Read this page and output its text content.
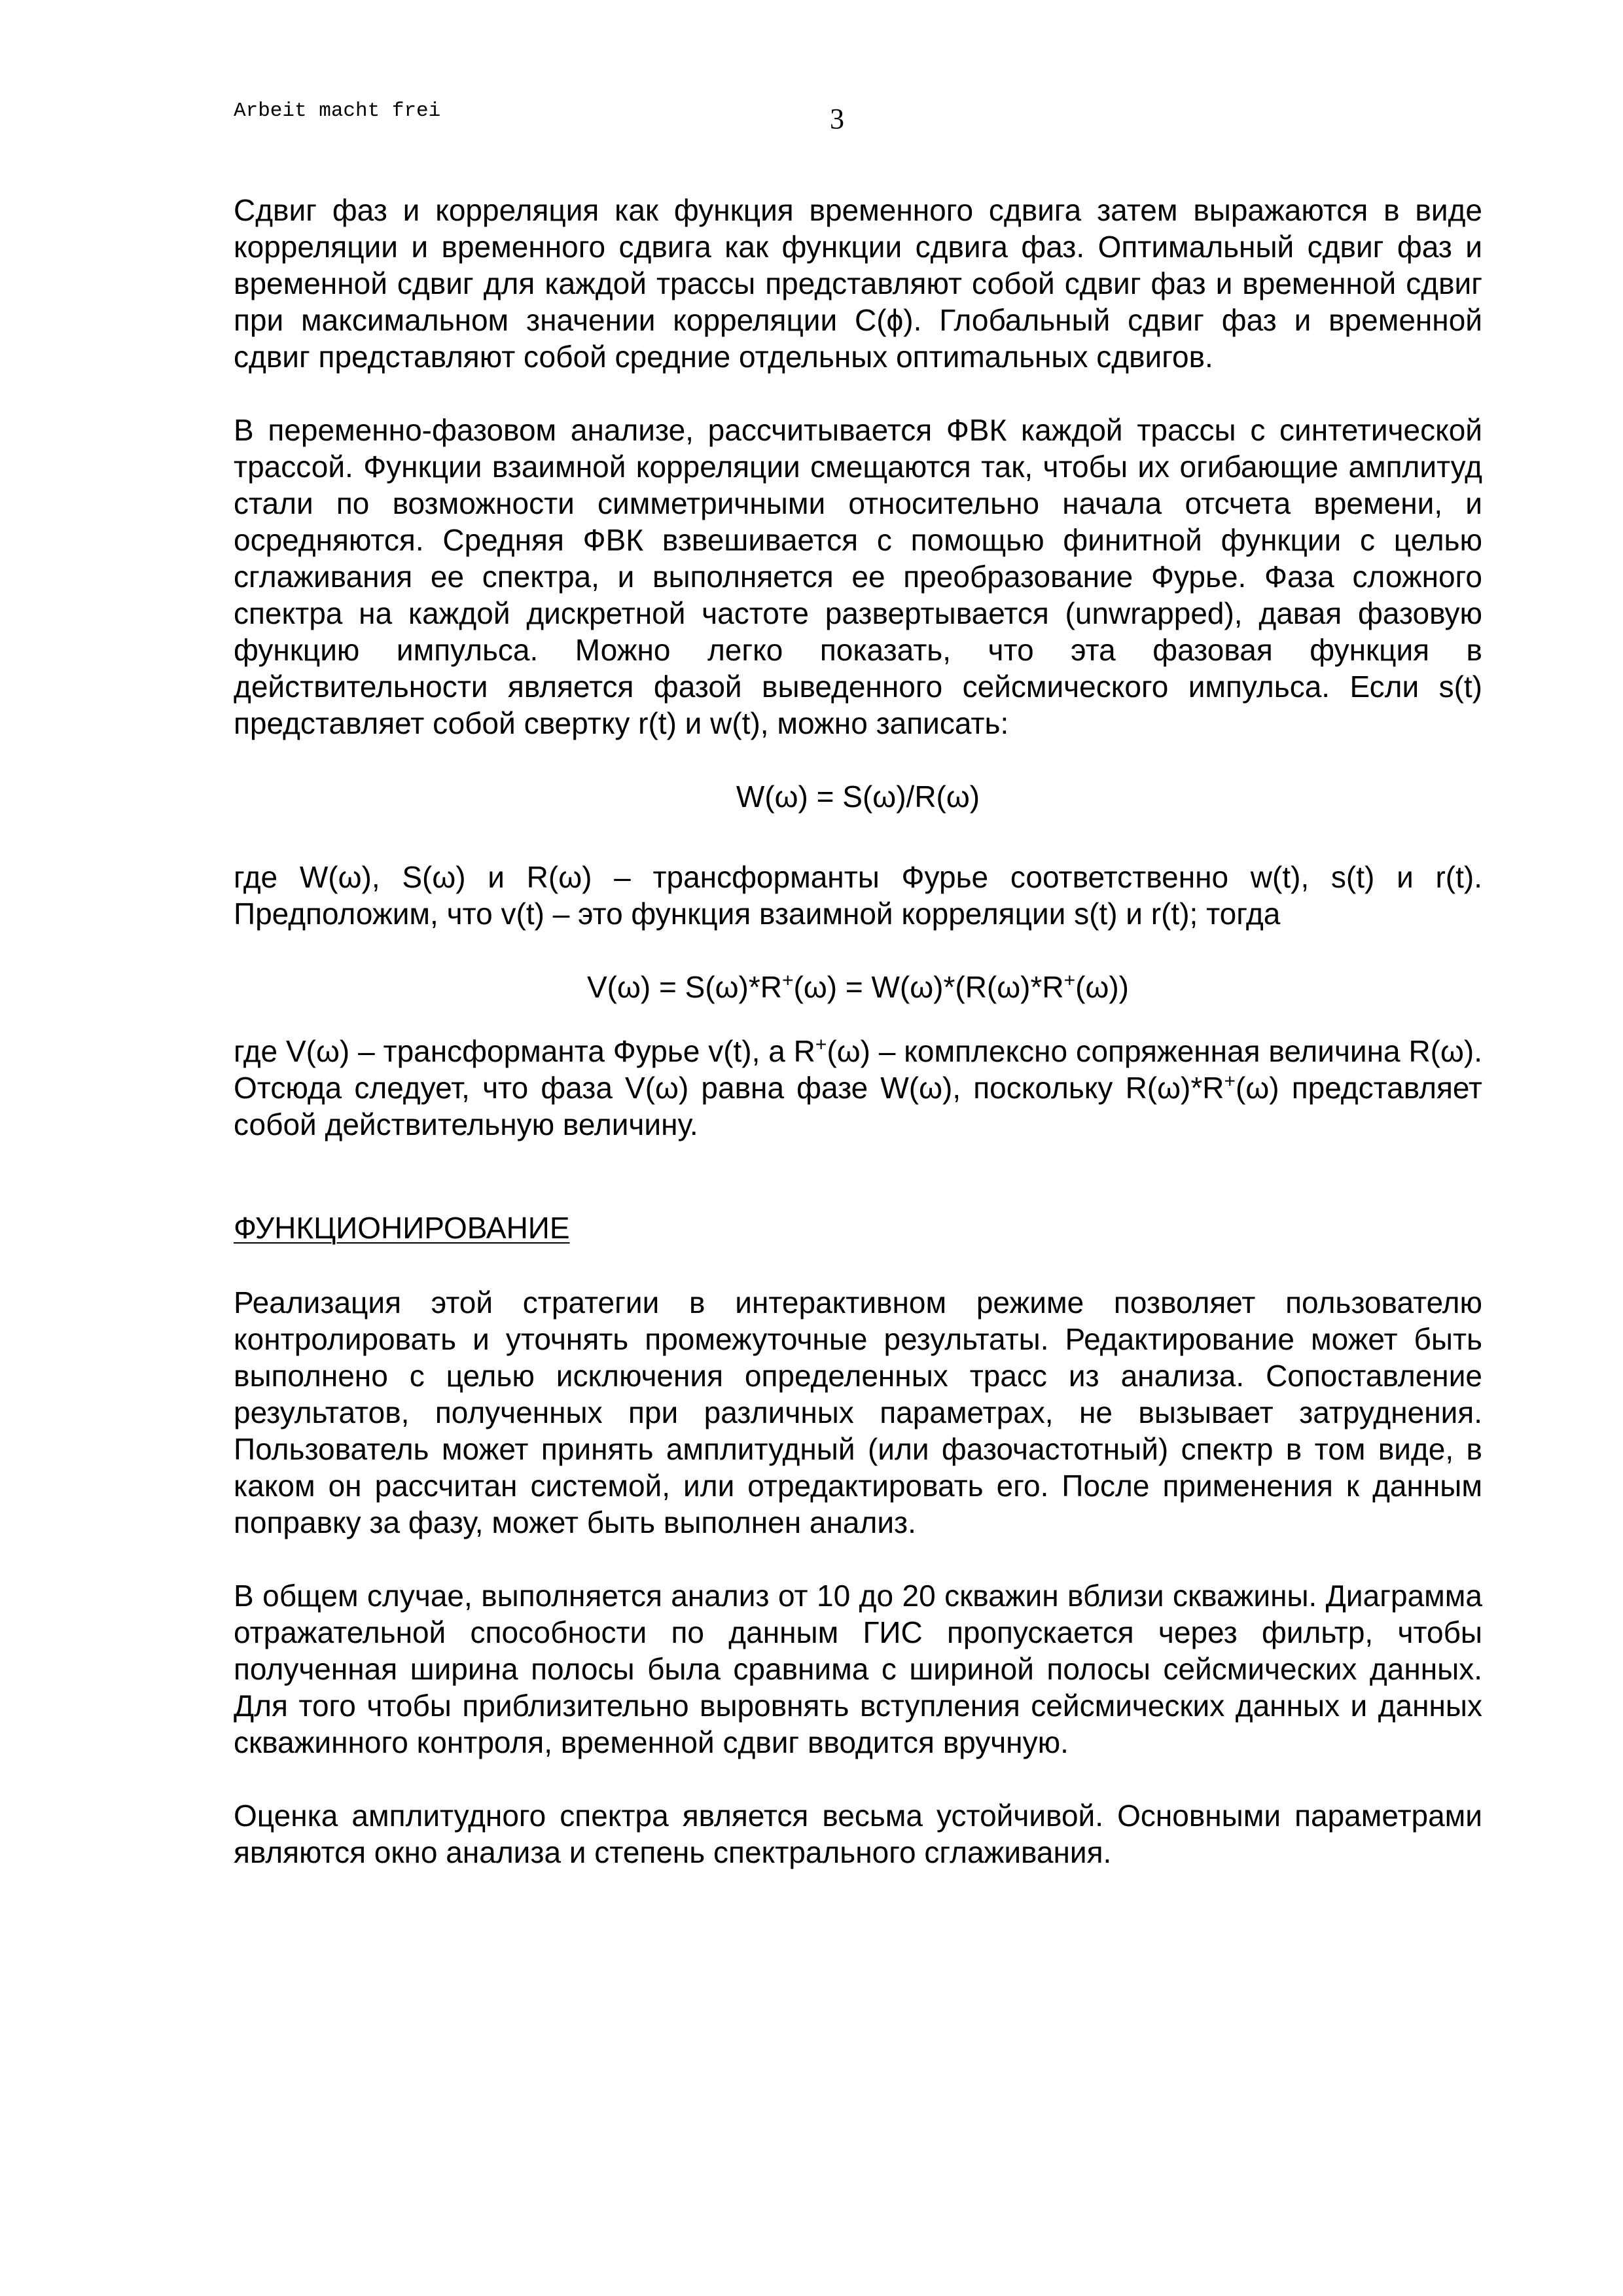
Arbeit macht frei	3

Сдвиг фаз и корреляция как функция временного сдвига затем выражаются в виде корреляции и временного сдвига как функции сдвига фаз. Оптимальный сдвиг фаз и временной сдвиг для каждой трассы представляют собой сдвиг фаз и временной сдвиг при максимальном значении корреляции С(ϕ). Глобальный сдвиг фаз и временной сдвиг представляют собой средние отдельных оптиmальных сдвигов.

В переменно-фазовом анализе, рассчитывается ФВК каждой трассы с синтетической трассой. Функции взаимной корреляции смещаются так, чтобы их огибающие амплитуд стали по возможности симметричными относительно начала отсчета времени, и осредняются. Средняя ФВК взвешивается с помощью финитной функции с целью сглаживания ее спектра, и выполняется ее преобразование Фурье. Фаза сложного спектра на каждой дискретной частоте развертывается (unwrapped), давая фазовую функцию импульса. Можно легко показать, что эта фазовая функция в действительности является фазой выведенного сейсмического импульса. Если s(t) представляет собой свертку r(t) и w(t), можно записать:

W(ω) = S(ω)/R(ω)

где W(ω), S(ω) и R(ω) – трансформанты Фурье соответственно w(t), s(t) и r(t). Предположим, что v(t) – это функция взаимной корреляции s(t) и r(t); тогда

V(ω) = S(ω)*R+(ω) = W(ω)*(R(ω)*R+(ω))

где V(ω) – трансформанта Фурье v(t), а R+(ω) – комплексно сопряженная величина R(ω). Отсюда следует, что фаза V(ω) равна фазе W(ω), поскольку R(ω)*R+(ω) представляет собой действительную величину.

ФУНКЦИОНИРОВАНИЕ

Реализация этой стратегии в интерактивном режиме позволяет пользователю контролировать и уточнять промежуточные результаты. Редактирование может быть выполнено с целью исключения определенных трасс из анализа. Сопоставление результатов, полученных при различных параметрах, не вызывает затруднения. Пользователь может принять амплитудный (или фазочастотный) спектр в том виде, в каком он рассчитан системой, или отредактировать его. После применения к данным поправку за фазу, может быть выполнен анализ.

В общем случае, выполняется анализ от 10 до 20 скважин вблизи скважины. Диаграмма отражательной способности по данным ГИС пропускается через фильтр, чтобы полученная ширина полосы была сравнима с шириной полосы сейсмических данных. Для того чтобы приблизительно выровнять вступления сейсмических данных и данных скважинного контроля, временной сдвиг вводится вручную.

Оценка амплитудного спектра является весьма устойчивой. Основными параметрами являются окно анализа и степень спектрального сглаживания.
